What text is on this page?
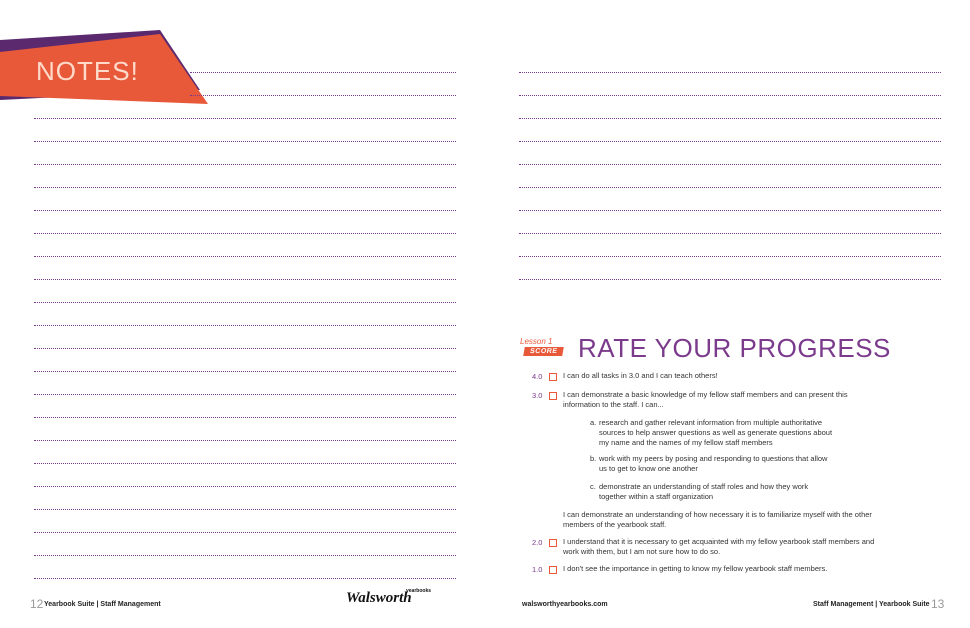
NOTES!
12 Yearbook Suite | Staff Management	Walsworth
yearbooks
walsworthyearbooks.com	Staff Management | Yearbook Suite 13
Lesson 1
SCORE RATE YOUR PROGRESS
4.0	I can do all tasks in 3.0 and I can teach others!
3.0	I can demonstrate a basic knowledge of my fellow staff members and can present this
information to the staff. I can...
a. research and gather relevant information from multiple authoritative
sources to help answer questions as well as generate questions about
my name and the names of my fellow staff members
b. work with my peers by posing and responding to questions that allow
us to get to know one another
c. demonstrate an understanding of staff roles and how they work
together within a staff organization
I can demonstrate an understanding of how necessary it is to familiarize myself with the other
members of the yearbook staff.
2.0	I understand that it is necessary to get acquainted with my fellow yearbook staff members and
work with them, but I am not sure how to do so.
1.0	I don't see the importance in getting to know my fellow yearbook staff members.
